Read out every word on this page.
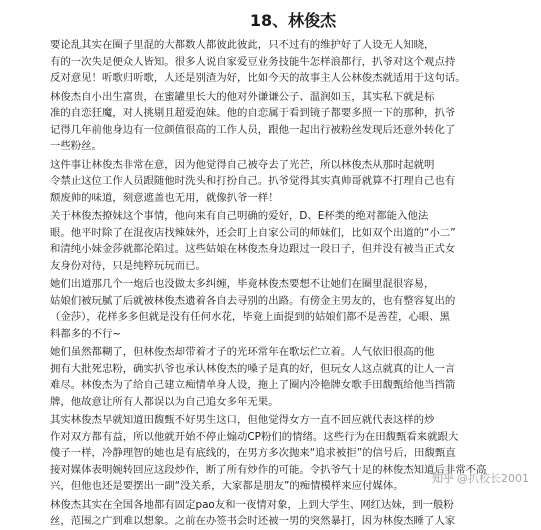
18、林俊杰
要论乱其实在圈子里混的大都数人都彼此彼此，只不过有的维护好了人设无人知晓，
有的一次失足便众人皆知。很多人说自家爱豆业务技能牛怎样浪都行，扒爷对这个观点持
反对意见！听歌归听歌，人还是别渣为好，比如今天的故事主人公林俊杰就适用于这句话。
林俊杰自小出生富贵，在蜜罐里长大的他对外谦谦公子、温润如玉，其实私下就是标
准的自恋狂魔，对人挑剔且超爱泡妹。他的自恋属于看到镜子都要多照一下的那种，扒爷
记得几年前他身边有一位颜值很高的工作人员，跟他一起出行被粉丝发现后还意外转化了
一些粉丝。
这件事让林俊杰非常在意，因为他觉得自己被夺去了光芒，所以林俊杰从那时起就明
令禁止这位工作人员跟随他时洗头和打扮自己。扒爷觉得其实真帅哥就算不打理自己也有
颓废帅的味道，刻意遮盖也无用，就像扒爷一样！
关于林俊杰撩妹这个事情，他向来有自己明确的爱好，D、E杯类的绝对都能入他法
眼。他平时除了在混夜店找辣妹外，还会盯上自家公司的师妹们，比如双个出道的“小二”
和清纯小妹金莎就都沦陷过。这些姑娘在林俊杰身边跟过一段日子，但并没有被当正式女
友身份对待，只是纯粹玩玩而已。
她们出道那几个一炮后也没做太多纠缠，毕竟林俊杰要想不让她们在圈里混很容易，
姑娘们被玩腻了后就被林俊杰遗着各自去寻别的出路。有傍金主男友的，也有整容复出的
（金莎），花样多多但就是没有任何水花，毕竟上面提到的姑娘们都不是善茬，心眼、黑
料都多的不行~
她们虽然都糊了，但林俊杰却带着才子的光环常年在歌坛伫立着。人气依旧很高的他
拥有大批死忠粉，确实扒爷也承认林俊杰的嗓子是真的好，但玩女人这点就真的让人一言
难尽。林俊杰为了给自己建立痴情单身人设，拖上了圈内冷艳牌女歌手田馥甄给他当挡箭
牌，他故意让所有人都误以为自己追女多年无果。
其实林俊杰早就知道田馥甄不好男生这口，但他觉得女方一直不回应就代表这样的炒
作对双方都有益，所以他就开始不停止煽动CP粉们的情绪。这些行为在田馥甄看来就跟大
傻子一样，冷静理智的她也是有底线的，在男方多次抛来“追求被拒”的信号后，田馥甄直
接对媒体表明婉转回应这段炒作，断了所有炒作的可能。令扒爷气十足的林俊杰知道后非常不高
兴，但他也还是要摆出一副“没关系，大家都是朋友”的痴情模样来应付媒体。
林俊杰其实在全国各地都有固定pao友和一夜情对象，上到大学生、网红达妹，到一般粉
丝，范围之广到难以想象。之前在办签书会时还被一男的突然暴打，因为林俊杰睡了人家
知乎 @扒校长2001
